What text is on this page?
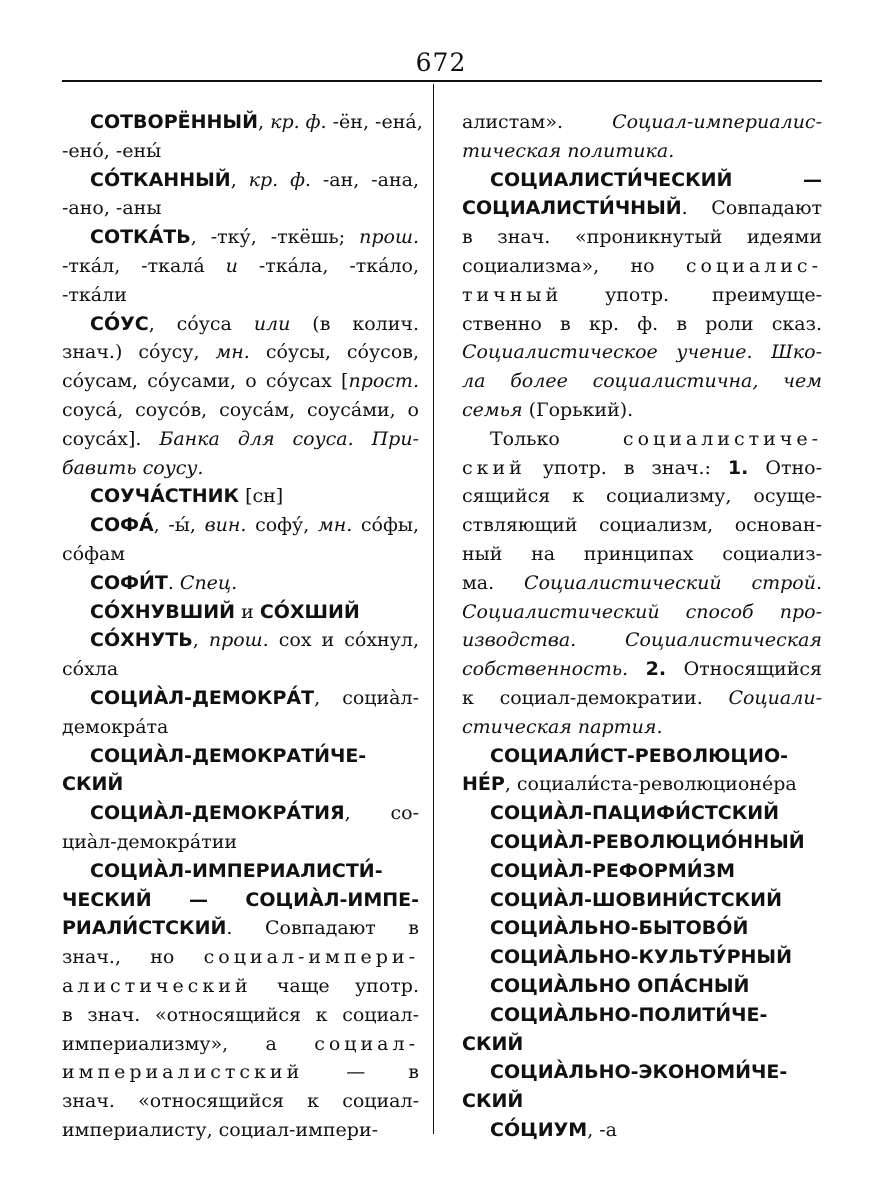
672
СОТВОРЁННЫЙ, кр. ф. -ён, -ена́,
-ено́, -ены́
СО́ТКАННЫЙ, кр. ф. -ан, -ана,
-ано, -аны
СОТКА́ТЬ, -тку́, -ткёшь; прош.
-тка́л, -ткала́ и -тка́ла, -тка́ло,
-тка́ли
СО́УС, со́уса или (в колич.
знач.) со́усу, мн. со́усы, со́усов,
со́усам, со́усами, о со́усах [прост.
соуса́, соусо́в, соуса́м, соуса́ми, о
соуса́х]. Банка для соуса. При-
бавить соусу.
СОУЧА́СТНИК [сн]
СОФА́, -ы́, вин. софу́, мн. со́фы,
со́фам
СОФИ́Т. Спец.
СО́ХНУВШИЙ и СО́ХШИЙ
СО́ХНУТЬ, прош. сох и со́хнул,
со́хла
СОЦИА̀Л-ДЕМОКРА́Т, социа̀л-
демокра́та
СОЦИА̀Л-ДЕМОКРАТИ́ЧЕ-
СКИЙ
СОЦИА̀Л-ДЕМОКРА́ТИЯ, со-
циа̀л-демокра́тии
СОЦИА̀Л-ИМПЕРИАЛИСТИ́-
ЧЕСКИЙ — СОЦИА̀Л-ИМПЕ-
РИАЛИ́СТСКИЙ. Совпадают в
знач., но социал-импери-
алистический чаще употр.
в знач. «относящийся к социал-
империализму», а социал-
империалистский — в
знач. «относящийся к социал-
империалисту, социал-импери-
алистам». Социал-империалис-
тическая политика.
СОЦИАЛИСТИ́ЧЕСКИЙ —
СОЦИАЛИСТИ́ЧНЫЙ. Совпадают
в знач. «проникнутый идеями
социализма», но социалис-
тичный употр. преимуще-
ственно в кр. ф. в роли сказ.
Социалистическое учение. Шко-
ла более социалистична, чем
семья (Горький).
Только социалистиче-
ский употр. в знач.: 1. Отно-
сящийся к социализму, осуще-
ствляющий социализм, основан-
ный на принципах социализ-
ма. Социалистический строй.
Социалистический способ про-
изводства. Социалистическая
собственность. 2. Относящийся
к социал-демократии. Социали-
стическая партия.
СОЦИАЛИ́СТ-РЕВОЛЮЦИО-
НЕ́Р, социали́ста-революционе́ра
СОЦИА̀Л-ПАЦИФИ́СТСКИЙ
СОЦИА̀Л-РЕВОЛЮЦИО́ННЫЙ
СОЦИА̀Л-РЕФОРМИ́ЗМ
СОЦИА̀Л-ШОВИНИ́СТСКИЙ
СОЦИА̀ЛЬНО-БЫТОВО́Й
СОЦИА̀ЛЬНО-КУЛЬТУ́РНЫЙ
СОЦИА̀ЛЬНО ОПА́СНЫЙ
СОЦИА̀ЛЬНО-ПОЛИТИ́ЧЕ-
СКИЙ
СОЦИА̀ЛЬНО-ЭКОНОМИ́ЧЕ-
СКИЙ
СО́ЦИУМ, -а
